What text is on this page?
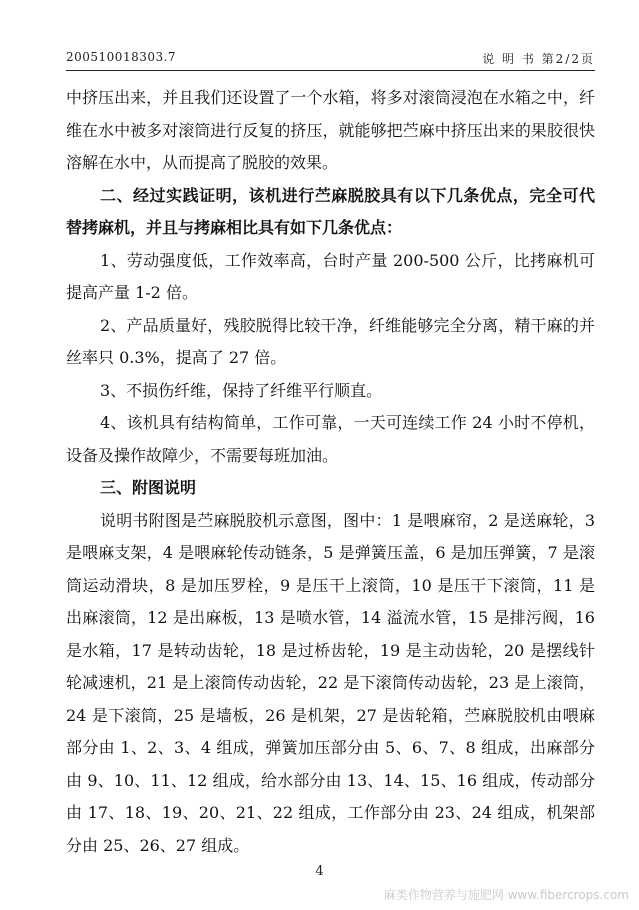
200510018303.7	说 明 书 第2/2页

中挤压出来，并且我们还设置了一个水箱，将多对滚筒浸泡在水箱之中，纤维在水中被多对滚筒进行反复的挤压，就能够把苎麻中挤压出来的果胶很快溶解在水中，从而提高了脱胶的效果。

二、经过实践证明，该机进行苎麻脱胶具有以下几条优点，完全可代替拷麻机，并且与拷麻相比具有如下几条优点：

1、劳动强度低，工作效率高，台时产量 200-500 公斤，比拷麻机可提高产量 1-2 倍。

2、产品质量好，残胶脱得比较干净，纤维能够完全分离，精干麻的并丝率只 0.3%，提高了 27 倍。

3、不损伤纤维，保持了纤维平行顺直。

4、该机具有结构简单，工作可靠，一天可连续工作 24 小时不停机，设备及操作故障少，不需要每班加油。

三、附图说明

说明书附图是苎麻脱胶机示意图，图中：1 是喂麻帘，2 是送麻轮，3 是喂麻支架，4 是喂麻轮传动链条，5 是弹簧压盖，6 是加压弹簧，7 是滚筒运动滑块，8 是加压罗栓，9 是压干上滚筒，10 是压干下滚筒，11 是出麻滚筒，12 是出麻板，13 是喷水管，14 溢流水管，15 是排污阀，16 是水箱，17 是转动齿轮，18 是过桥齿轮，19 是主动齿轮，20 是摆线针轮减速机，21 是上滚筒传动齿轮，22 是下滚筒传动齿轮，23 是上滚筒，24 是下滚筒，25 是墙板，26 是机架，27 是齿轮箱，苎麻脱胶机由喂麻部分由 1、2、3、4 组成，弹簧加压部分由 5、6、7、8 组成，出麻部分由 9、10、11、12 组成，给水部分由 13、14、15、16 组成，传动部分由 17、18、19、20、21、22 组成，工作部分由 23、24 组成，机架部分由 25、26、27 组成。

4
麻类作物营养与施肥网 www.fibercrops.com
